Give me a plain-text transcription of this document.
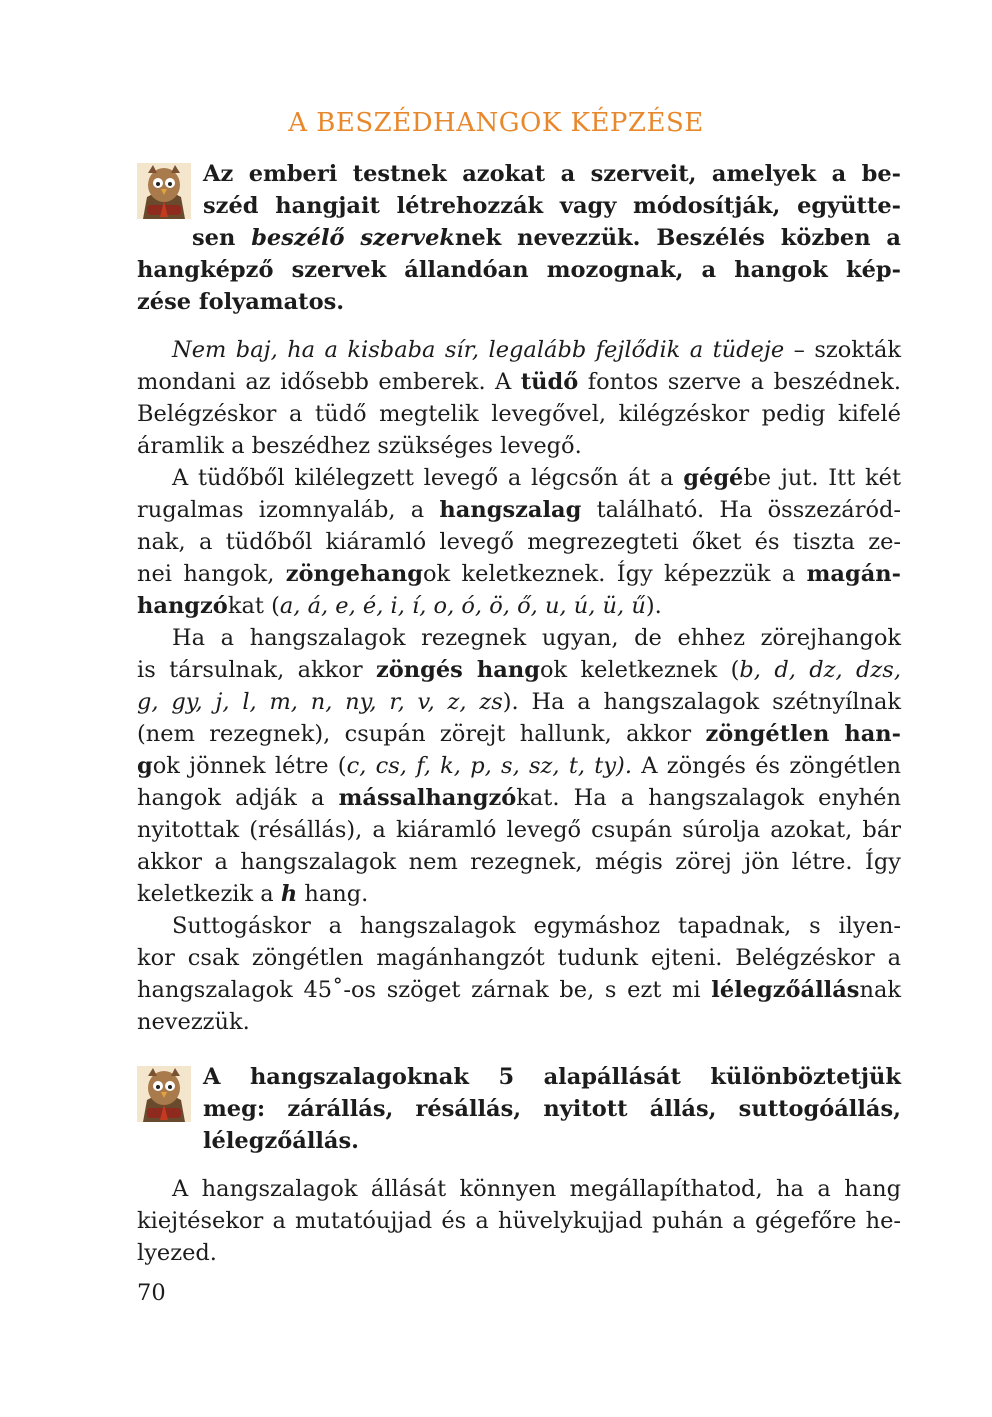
A BESZÉDHANGOK KÉPZÉSE
Az emberi testnek azokat a szerveit, amelyek a be-
széd hangjait létrehozzák vagy módosítják, együtte-
sen beszélő szerveknek nevezzük. Beszélés közben a
hangképző szervek állandóan mozognak, a hangok kép-
zése folyamatos.
Nem baj, ha a kisbaba sír, legalább fejlődik a tüdeje – szokták
mondani az idősebb emberek. A tüdő fontos szerve a beszédnek.
Belégzéskor a tüdő megtelik levegővel, kilégzéskor pedig kifelé
áramlik a beszédhez szükséges levegő.
A tüdőből kilélegzett levegő a légcsőn át a gégébe jut. Itt két
rugalmas izomnyaláb, a hangszalag található. Ha összezáród-
nak, a tüdőből kiáramló levegő megrezegteti őket és tiszta ze-
nei hangok, zöngehangok keletkeznek. Így képezzük a magán-
hangzókat (a, á, e, é, i, í, o, ó, ö, ő, u, ú, ü, ű).
Ha a hangszalagok rezegnek ugyan, de ehhez zörejhangok
is társulnak, akkor zöngés hangok keletkeznek (b, d, dz, dzs,
g, gy, j, l, m, n, ny, r, v, z, zs). Ha a hangszalagok szétnyílnak
(nem rezegnek), csupán zörejt hallunk, akkor zöngétlen han-
gok jönnek létre (c, cs, f, k, p, s, sz, t, ty). A zöngés és zöngétlen
hangok adják a mássalhangzókat. Ha a hangszalagok enyhén
nyitottak (résállás), a kiáramló levegő csupán súrolja azokat, bár
akkor a hangszalagok nem rezegnek, mégis zörej jön létre. Így
keletkezik a h hang.
Suttogáskor a hangszalagok egymáshoz tapadnak, s ilyen-
kor csak zöngétlen magánhangzót tudunk ejteni. Belégzéskor a
hangszalagok 45˚-os szöget zárnak be, s ezt mi lélegzőállásnak
nevezzük.
A hangszalagoknak 5 alapállását különböztetjük
meg: zárállás, résállás, nyitott állás, suttogóállás,
lélegzőállás.
A hangszalagok állását könnyen megállapíthatod, ha a hang
kiejtésekor a mutatóujjad és a hüvelykujjad puhán a gégefőre he-
lyezed.
70
